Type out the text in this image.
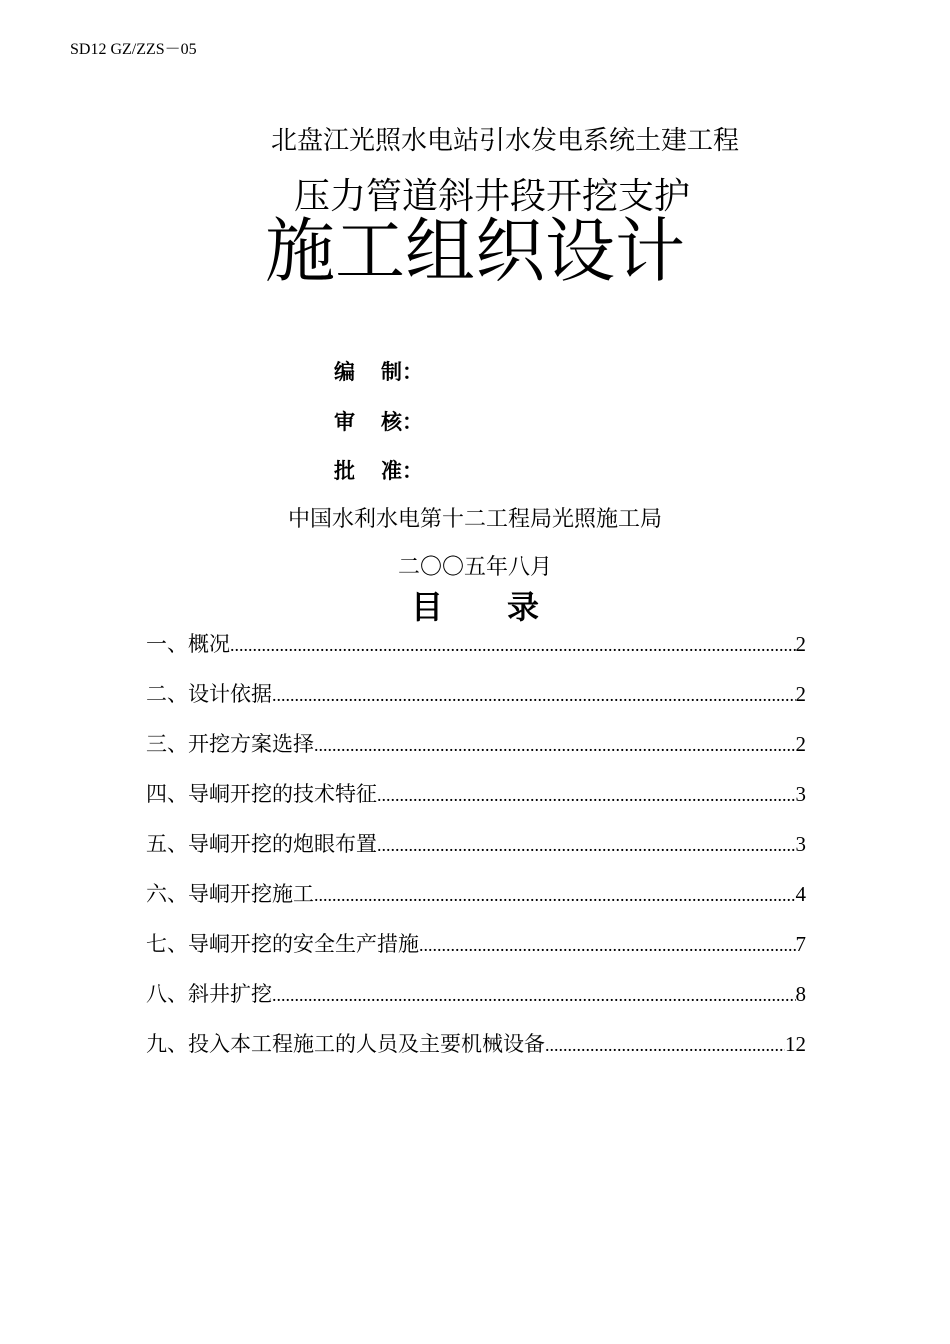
SD12 GZ/ZZS－05
北盘江光照水电站引水发电系统土建工程
压力管道斜井段开挖支护
施工组织设计
编 制：
审 核：
批 准：
中国水利水电第十二工程局光照施工局
二〇〇五年八月
目　　录
一、概况 .....	2
二、设计依据 .....	2
三、开挖方案选择 .....	2
四、导峒开挖的技术特征 .....	3
五、导峒开挖的炮眼布置 .....	3
六、导峒开挖施工 .....	4
七、导峒开挖的安全生产措施 .....	7
八、斜井扩挖 .....	8
九、投入本工程施工的人员及主要机械设备 .....	12
